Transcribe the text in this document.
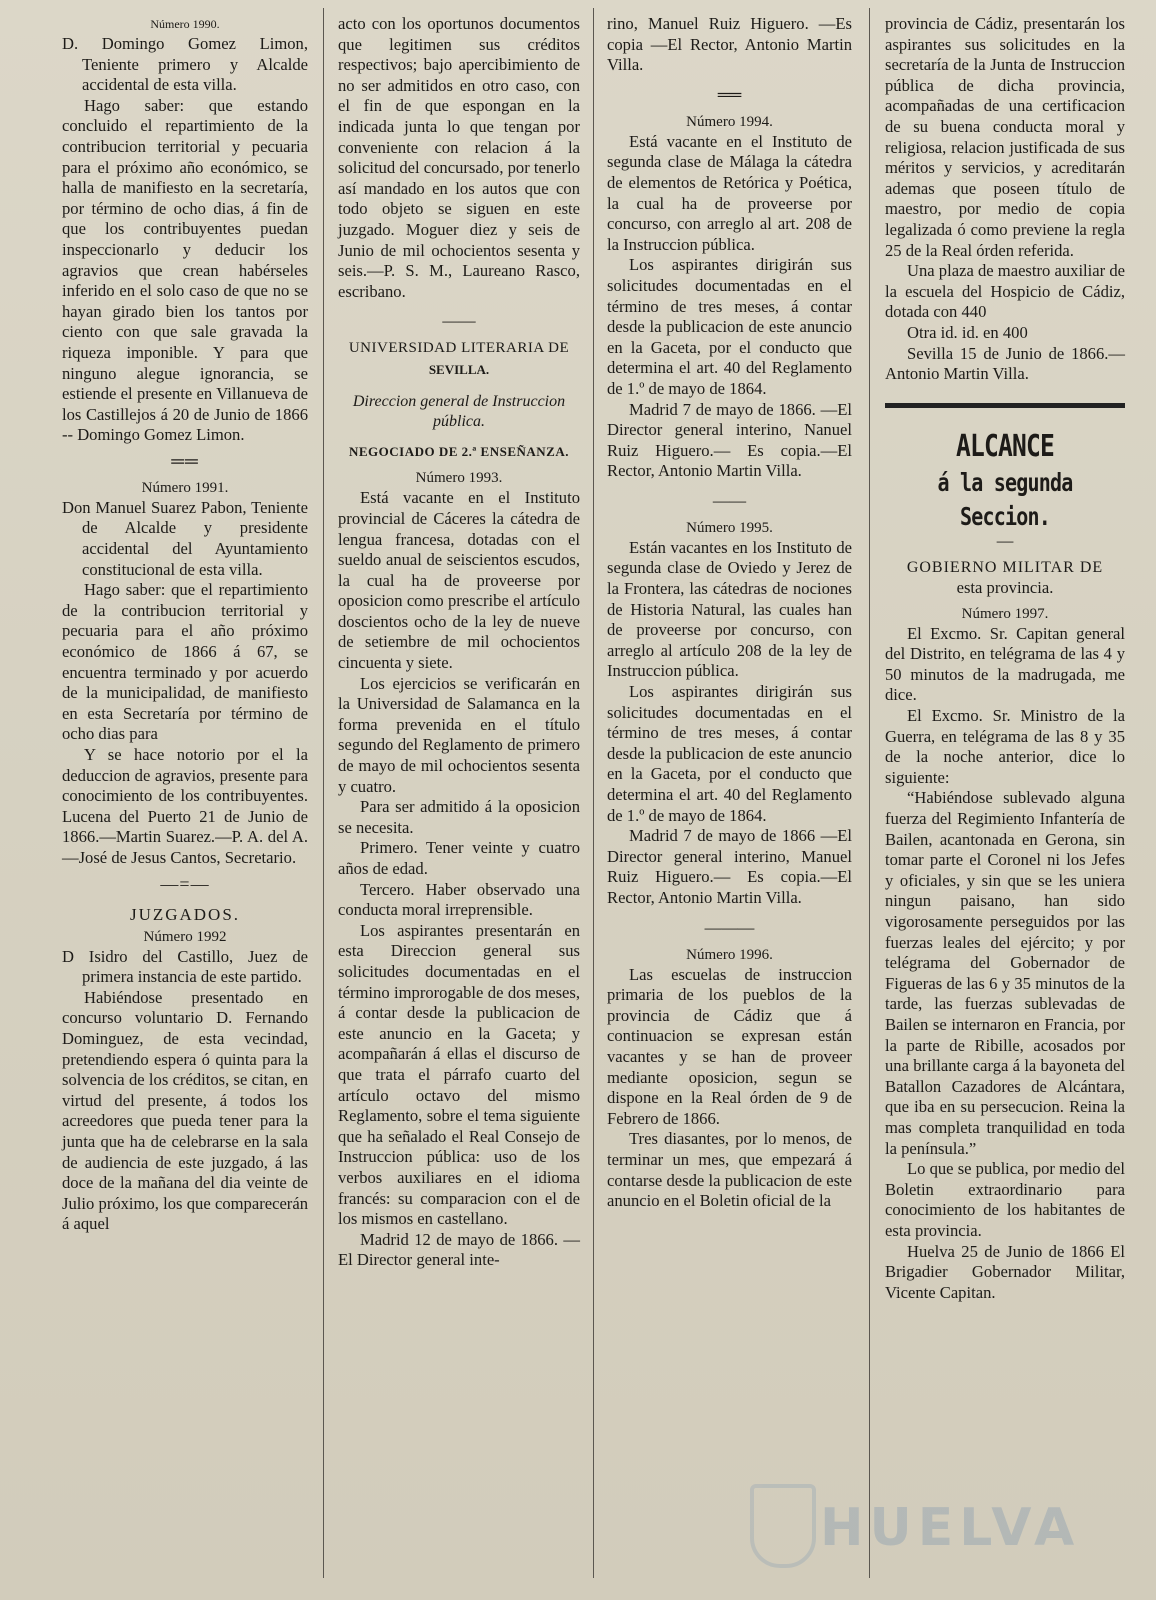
Número 1990.

D. Domingo Gomez Limon, Teniente primero y Alcalde accidental de esta villa.

Hago saber: que estando concluido el repartimiento de la contribucion territorial y pecuaria para el próximo año económico, se halla de manifiesto en la secretaría, por término de ocho dias, á fin de que los contribuyentes puedan inspeccionarlo y deducir los agravios que crean habérseles inferido en el solo caso de que no se hayan girado bien los tantos por ciento con que sale gravada la riqueza imponible. Y para que ninguno alegue ignorancia, se estiende el presente en Villanueva de los Castillejos á 20 de Junio de 1866 -- Domingo Gomez Limon.

══

Número 1991.

Don Manuel Suarez Pabon, Teniente de Alcalde y presidente accidental del Ayuntamiento constitucional de esta villa.

Hago saber: que el repartimiento de la contribucion territorial y pecuaria para el año próximo económico de 1866 á 67, se encuentra terminado y por acuerdo de la municipalidad, de manifiesto en esta Secretaría por término de ocho dias para

Y se hace notorio por el la deduccion de agravios, presente para conocimiento de los contribuyentes. Lucena del Puerto 21 de Junio de 1866.—Martin Suarez.—P. A. del A.—José de Jesus Cantos, Secretario.

—=—

JUZGADOS.

Número 1992

D Isidro del Castillo, Juez de primera instancia de este partido.

Habiéndose presentado en concurso voluntario D. Fernando Dominguez, de esta vecindad, pretendiendo espera ó quinta para la solvencia de los créditos, se citan, en virtud del presente, á todos los acreedores que pueda tener para la junta que ha de celebrarse en la sala de audiencia de este juzgado, á las doce de la mañana del dia veinte de Julio próximo, los que comparecerán á aquel

acto con los oportunos documentos que legitimen sus créditos respectivos; bajo apercibimiento de no ser admitidos en otro caso, con el fin de que espongan en la indicada junta lo que tengan por conveniente con relacion á la solicitud del concursado, por tenerlo así mandado en los autos que con todo objeto se siguen en este juzgado. Moguer diez y seis de Junio de mil ochocientos sesenta y seis.—P. S. M., Laureano Rasco, escribano.

——

UNIVERSIDAD LITERARIA DE

SEVILLA.

Direccion general de Instruccion pública.

NEGOCIADO DE 2.ª ENSEÑANZA.

Número 1993.

Está vacante en el Instituto provincial de Cáceres la cátedra de lengua francesa, dotadas con el sueldo anual de seiscientos escudos, la cual ha de proveerse por oposicion como prescribe el artículo doscientos ocho de la ley de nueve de setiembre de mil ochocientos cincuenta y siete.

Los ejercicios se verificarán en la Universidad de Salamanca en la forma prevenida en el título segundo del Reglamento de primero de mayo de mil ochocientos sesenta y cuatro.

Para ser admitido á la oposicion se necesita.

Primero. Tener veinte y cuatro años de edad.

Tercero. Haber observado una conducta moral irreprensible.

Los aspirantes presentarán en esta Direccion general sus solicitudes documentadas en el término improrogable de dos meses, á contar desde la publicacion de este anuncio en la Gaceta; y acompañarán á ellas el discurso de que trata el párrafo cuarto del artículo octavo del mismo Reglamento, sobre el tema siguiente que ha señalado el Real Consejo de Instruccion pública: uso de los verbos auxiliares en el idioma francés: su comparacion con el de los mismos en castellano.

Madrid 12 de mayo de 1866. —El Director general inte-

rino, Manuel Ruiz Higuero. —Es copia —El Rector, Antonio Martin Villa.

══

Número 1994.

Está vacante en el Instituto de segunda clase de Málaga la cátedra de elementos de Retórica y Poética, la cual ha de proveerse por concurso, con arreglo al art. 208 de la Instruccion pública.

Los aspirantes dirigirán sus solicitudes documentadas en el término de tres meses, á contar desde la publicacion de este anuncio en la Gaceta, por el conducto que determina el art. 40 del Reglamento de 1.º de mayo de 1864.

Madrid 7 de mayo de 1866. —El Director general interino, Nanuel Ruiz Higuero.— Es copia.—El Rector, Antonio Martin Villa.

——

Número 1995.

Están vacantes en los Instituto de segunda clase de Oviedo y Jerez de la Frontera, las cátedras de nociones de Historia Natural, las cuales han de proveerse por concurso, con arreglo al artículo 208 de la ley de Instruccion pública.

Los aspirantes dirigirán sus solicitudes documentadas en el término de tres meses, á contar desde la publicacion de este anuncio en la Gaceta, por el conducto que determina el art. 40 del Reglamento de 1.º de mayo de 1864.

Madrid 7 de mayo de 1866 —El Director general interino, Manuel Ruiz Higuero.— Es copia.—El Rector, Antonio Martin Villa.

———

Número 1996.

Las escuelas de instruccion primaria de los pueblos de la provincia de Cádiz que á continuacion se expresan están vacantes y se han de proveer mediante oposicion, segun se dispone en la Real órden de 9 de Febrero de 1866.

Tres diasantes, por lo menos, de terminar un mes, que empezará á contarse desde la publicacion de este anuncio en el Boletin oficial de la

provincia de Cádiz, presentarán los aspirantes sus solicitudes en la secretaría de la Junta de Instruccion pública de dicha provincia, acompañadas de una certificacion de su buena conducta moral y religiosa, relacion justificada de sus méritos y servicios, y acreditarán ademas que poseen título de maestro, por medio de copia legalizada ó como previene la regla 25 de la Real órden referida.

Una plaza de maestro auxiliar de la escuela del Hospicio de Cádiz, dotada con 440

Otra id. id. en 400

Sevilla 15 de Junio de 1866.—Antonio Martin Villa.

ALCANCE

á la segunda Seccion.

—

GOBIERNO MILITAR DE

esta provincia.

Número 1997.

El Excmo. Sr. Capitan general del Distrito, en telégrama de las 4 y 50 minutos de la madrugada, me dice.

El Excmo. Sr. Ministro de la Guerra, en telégrama de las 8 y 35 de la noche anterior, dice lo siguiente:

“Habiéndose sublevado alguna fuerza del Regimiento Infantería de Bailen, acantonada en Gerona, sin tomar parte el Coronel ni los Jefes y oficiales, y sin que se les uniera ningun paisano, han sido vigorosamente perseguidos por las fuerzas leales del ejército; y por telégrama del Gobernador de Figueras de las 6 y 35 minutos de la tarde, las fuerzas sublevadas de Bailen se internaron en Francia, por la parte de Ribille, acosados por una brillante carga á la bayoneta del Batallon Cazadores de Alcántara, que iba en su persecucion. Reina la mas completa tranquilidad en toda la península.”

Lo que se publica, por medio del Boletin extraordinario para conocimiento de los habitantes de esta provincia.

Huelva 25 de Junio de 1866 El Brigadier Gobernador Militar, Vicente Capitan.

HUELVA
